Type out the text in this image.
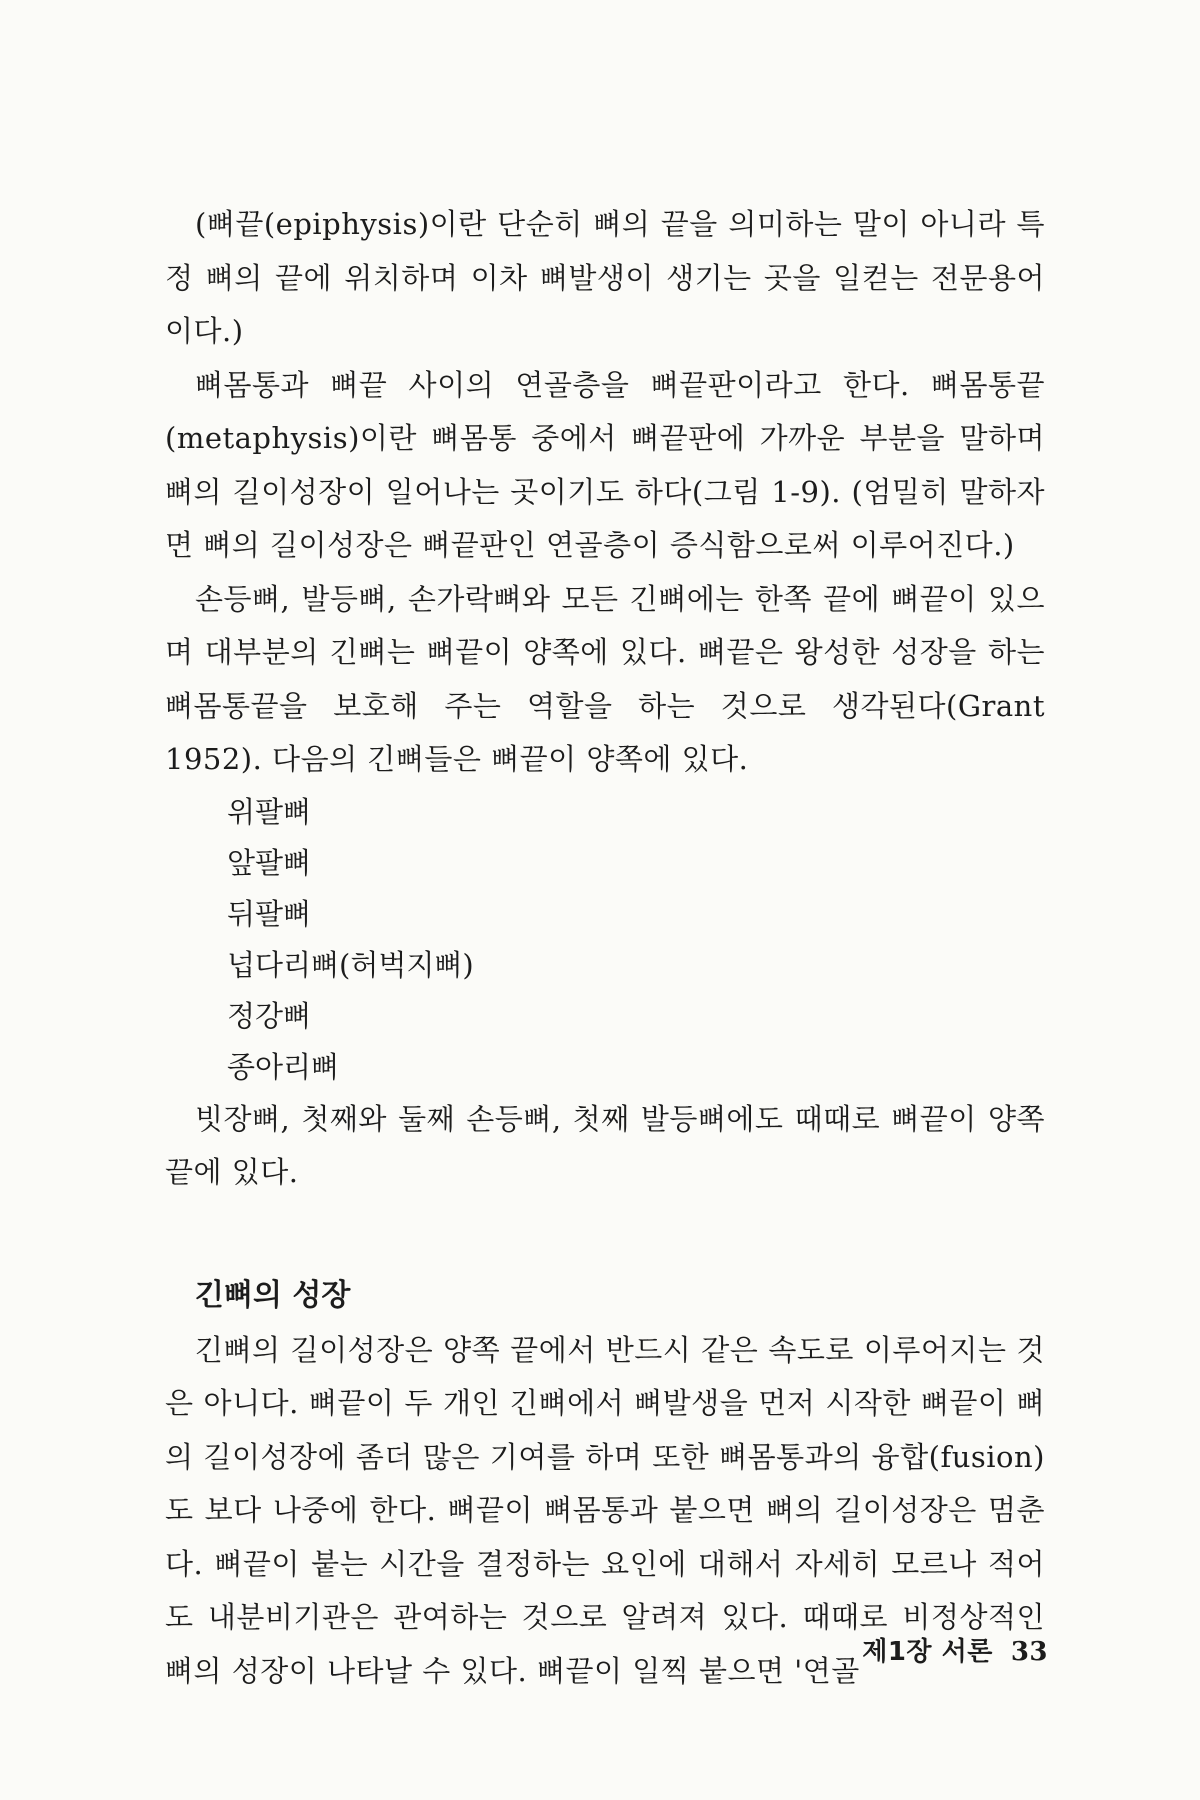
(뼈끝(epiphysis)이란 단순히 뼈의 끝을 의미하는 말이 아니라 특정 뼈의 끝에 위치하며 이차 뼈발생이 생기는 곳을 일컫는 전문용어이다.)

뼈몸통과 뼈끝 사이의 연골층을 뼈끝판이라고 한다. 뼈몸통끝(metaphysis)이란 뼈몸통 중에서 뼈끝판에 가까운 부분을 말하며 뼈의 길이성장이 일어나는 곳이기도 하다(그림 1-9). (엄밀히 말하자면 뼈의 길이성장은 뼈끝판인 연골층이 증식함으로써 이루어진다.)

손등뼈, 발등뼈, 손가락뼈와 모든 긴뼈에는 한쪽 끝에 뼈끝이 있으며 대부분의 긴뼈는 뼈끝이 양쪽에 있다. 뼈끝은 왕성한 성장을 하는 뼈몸통끝을 보호해 주는 역할을 하는 것으로 생각된다(Grant 1952). 다음의 긴뼈들은 뼈끝이 양쪽에 있다.

위팔뼈
앞팔뼈
뒤팔뼈
넙다리뼈(허벅지뼈)
정강뼈
종아리뼈

빗장뼈, 첫째와 둘째 손등뼈, 첫째 발등뼈에도 때때로 뼈끝이 양쪽 끝에 있다.

긴뼈의 성장

긴뼈의 길이성장은 양쪽 끝에서 반드시 같은 속도로 이루어지는 것은 아니다. 뼈끝이 두 개인 긴뼈에서 뼈발생을 먼저 시작한 뼈끝이 뼈의 길이성장에 좀더 많은 기여를 하며 또한 뼈몸통과의 융합(fusion)도 보다 나중에 한다. 뼈끝이 뼈몸통과 붙으면 뼈의 길이성장은 멈춘다. 뼈끝이 붙는 시간을 결정하는 요인에 대해서 자세히 모르나 적어도 내분비기관은 관여하는 것으로 알려져 있다. 때때로 비정상적인 뼈의 성장이 나타날 수 있다. 뼈끝이 일찍 붙으면 '연골

제1장 서론 33
